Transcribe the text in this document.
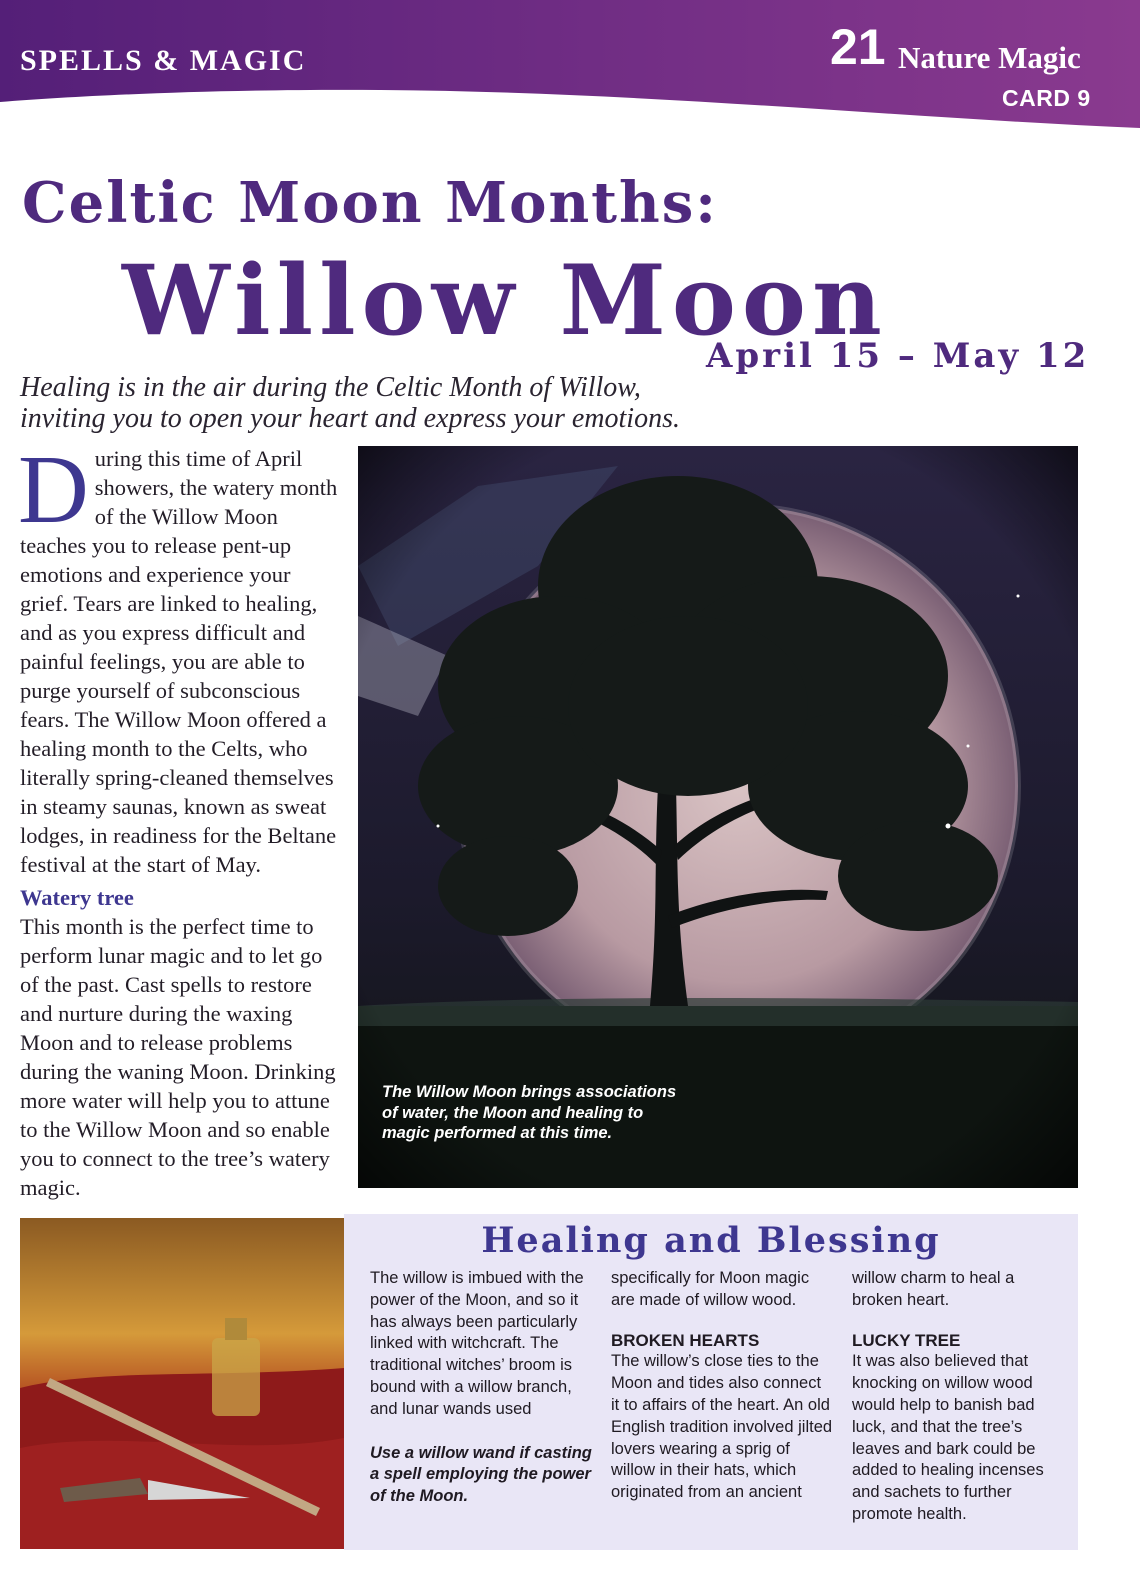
SPELLS & MAGIC	21 Nature Magic
CARD 9
Celtic Moon Months:
Willow Moon
April 15 – May 12
Healing is in the air during the Celtic Month of Willow, inviting you to open your heart and express your emotions.
During this time of April showers, the watery month of the Willow Moon teaches you to release pent-up emotions and experience your grief. Tears are linked to healing, and as you express difficult and painful feelings, you are able to purge yourself of subconscious fears. The Willow Moon offered a healing month to the Celts, who literally spring-cleaned themselves in steamy saunas, known as sweat lodges, in readiness for the Beltane festival at the start of May.
Watery tree
This month is the perfect time to perform lunar magic and to let go of the past. Cast spells to restore and nurture during the waxing Moon and to release problems during the waning Moon. Drinking more water will help you to attune to the Willow Moon and so enable you to connect to the tree’s watery magic.
The Willow Moon brings associations of water, the Moon and healing to magic performed at this time.
Healing and Blessing

The willow is imbued with the power of the Moon, and so it has always been particularly linked with witchcraft. The traditional witches’ broom is bound with a willow branch, and lunar wands used

Use a willow wand if casting a spell employing the power of the Moon.

specifically for Moon magic are made of willow wood.

BROKEN HEARTS

The willow’s close ties to the Moon and tides also connect it to affairs of the heart. An old English tradition involved jilted lovers wearing a sprig of willow in their hats, which originated from an ancient

willow charm to heal a broken heart.

LUCKY TREE

It was also believed that knocking on willow wood would help to banish bad luck, and that the tree’s leaves and bark could be added to healing incenses and sachets to further promote health.
